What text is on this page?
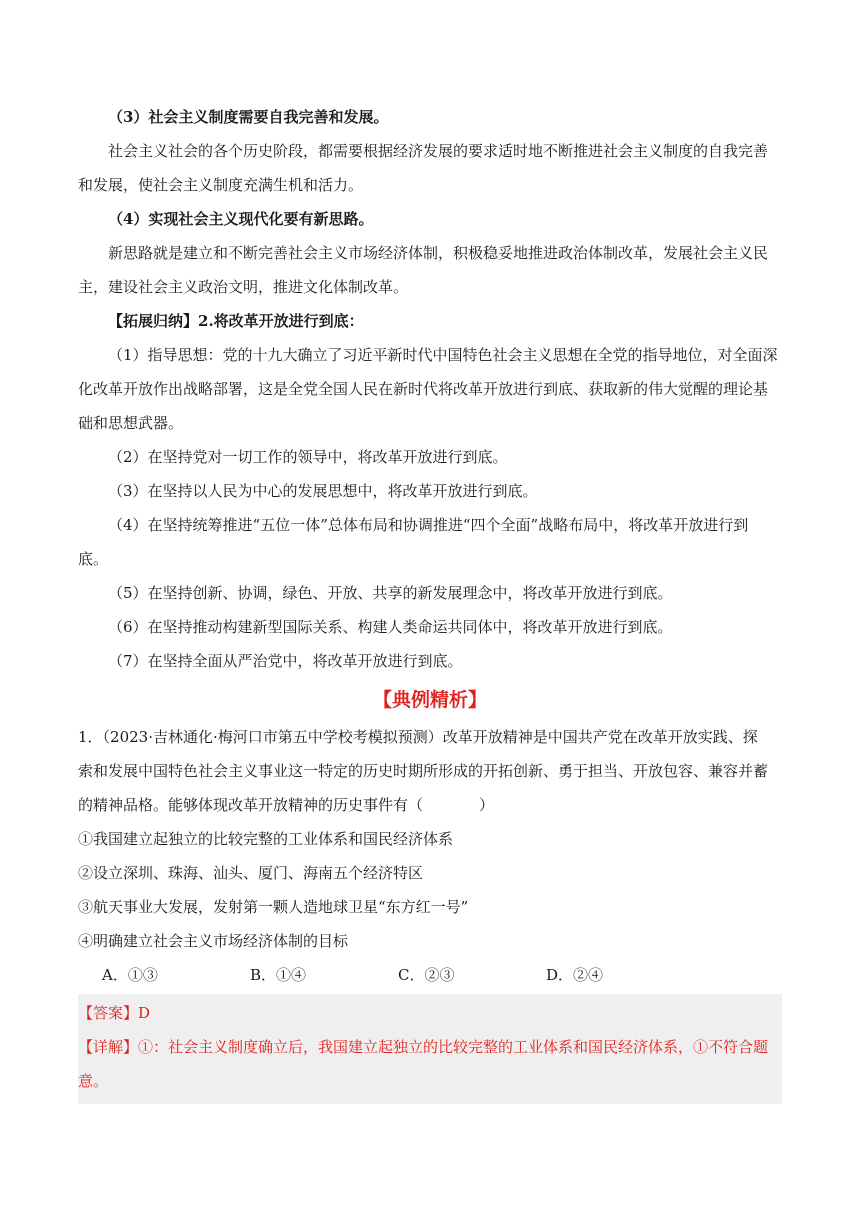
（3）社会主义制度需要自我完善和发展。

社会主义社会的各个历史阶段，都需要根据经济发展的要求适时地不断推进社会主义制度的自我完善

和发展，使社会主义制度充满生机和活力。

（4）实现社会主义现代化要有新思路。

新思路就是建立和不断完善社会主义市场经济体制，积极稳妥地推进政治体制改革，发展社会主义民

主，建设社会主义政治文明，推进文化体制改革。

【拓展归纳】2.将改革开放进行到底：

（1）指导思想：党的十九大确立了习近平新时代中国特色社会主义思想在全党的指导地位，对全面深

化改革开放作出战略部署，这是全党全国人民在新时代将改革开放进行到底、获取新的伟大觉醒的理论基

础和思想武器。

（2）在坚持党对一切工作的领导中，将改革开放进行到底。

（3）在坚持以人民为中心的发展思想中，将改革开放进行到底。

（4）在坚持统筹推进“五位一体”总体布局和协调推进“四个全面”战略布局中，将改革开放进行到

底。

（5）在坚持创新、协调，绿色、开放、共享的新发展理念中，将改革开放进行到底。

（6）在坚持推动构建新型国际关系、构建人类命运共同体中，将改革开放进行到底。

（7）在坚持全面从严治党中，将改革开放进行到底。

【典例精析】

1．（2023·吉林通化·梅河口市第五中学校考模拟预测）改革开放精神是中国共产党在改革开放实践、探

索和发展中国特色社会主义事业这一特定的历史时期所形成的开拓创新、勇于担当、开放包容、兼容并蓄

的精神品格。能够体现改革开放精神的历史事件有（	）

①我国建立起独立的比较完整的工业体系和国民经济体系

②设立深圳、珠海、汕头、厦门、海南五个经济特区

③航天事业大发展，发射第一颗人造地球卫星“东方红一号”

④明确建立社会主义市场经济体制的目标

A．①③	B．①④	C．②③	D．②④

【答案】D

【详解】①：社会主义制度确立后，我国建立起独立的比较完整的工业体系和国民经济体系，①不符合题

意。
